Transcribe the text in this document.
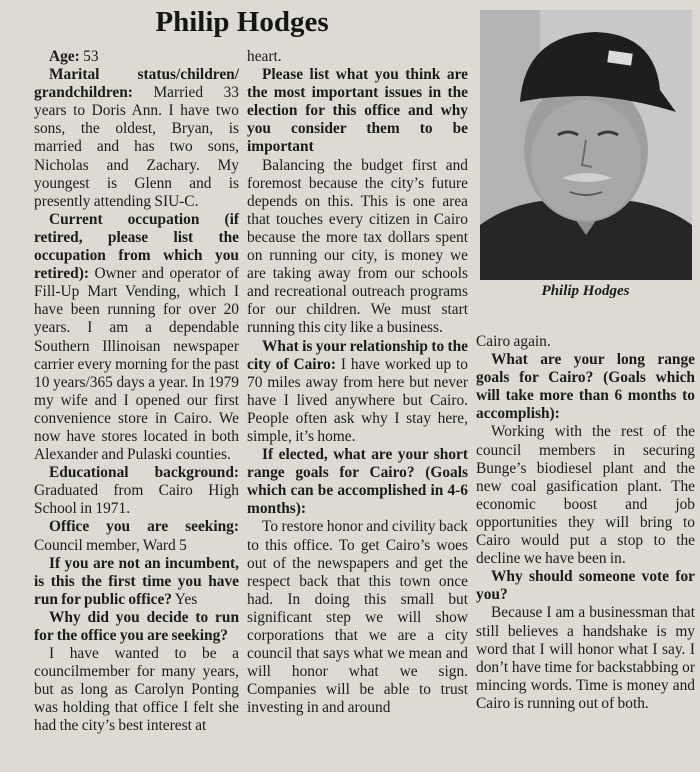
Philip Hodges

Age: 53

Marital status/children/ grandchildren: Married 33 years to Doris Ann. I have two sons, the oldest, Bryan, is married and has two sons, Nicholas and Zachary. My youngest is Glenn and is presently attending SIU-C.

Current occupation (if retired, please list the occupation from which you retired): Owner and operator of Fill-Up Mart Vending, which I have been running for over 20 years. I am a dependable Southern Illinoisan newspaper carrier every morning for the past 10 years/365 days a year. In 1979 my wife and I opened our first convenience store in Cairo. We now have stores located in both Alexander and Pulaski counties.

Educational background: Graduated from Cairo High School in 1971.

Office you are seeking: Council member, Ward 5

If you are not an incumbent, is this the first time you have run for public office? Yes

Why did you decide to run for the office you are seeking?

I have wanted to be a councilmember for many years, but as long as Carolyn Ponting was holding that office I felt she had the city’s best interest at

heart.

Please list what you think are the most important issues in the election for this office and why you consider them to be important

Balancing the budget first and foremost because the city’s future depends on this. This is one area that touches every citizen in Cairo because the more tax dollars spent on running our city, is money we are taking away from our schools and recreational outreach programs for our children. We must start running this city like a business.

What is your relationship to the city of Cairo: I have worked up to 70 miles away from here but never have I lived anywhere but Cairo. People often ask why I stay here, simple, it’s home.

If elected, what are your short range goals for Cairo? (Goals which can be accomplished in 4-6 months):

To restore honor and civility back to this office. To get Cairo’s woes out of the newspapers and get the respect back that this town once had. In doing this small but significant step we will show corporations that we are a city council that says what we mean and will honor what we sign. Companies will be able to trust investing in and around

Philip Hodges

Cairo again.

What are your long range goals for Cairo? (Goals which will take more than 6 months to accomplish):

Working with the rest of the council members in securing Bunge’s biodiesel plant and the new coal gasification plant. The economic boost and job opportunities they will bring to Cairo would put a stop to the decline we have been in.

Why should someone vote for you?

Because I am a businessman that still believes a handshake is my word that I will honor what I say. I don’t have time for backstabbing or mincing words. Time is money and Cairo is running out of both.
